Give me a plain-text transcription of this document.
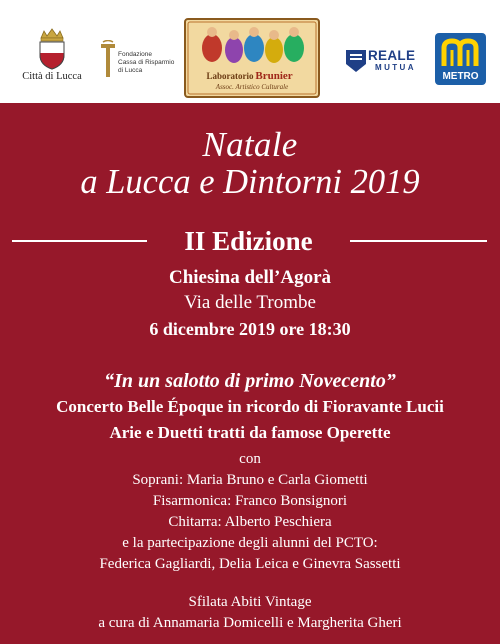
Città di Lucca
Fondazione
Cassa di Risparmio
di Lucca
Laboratorio Brunier
Assoc. Artistico Culturale
REALE
MUTUA
METRO
Natale
a Lucca e Dintorni 2019
II Edizione
Chiesina dell’Agorà
Via delle Trombe
6 dicembre 2019 ore 18:30
“In un salotto di primo Novecento”
Concerto Belle Époque in ricordo di Fioravante Lucii
Arie e Duetti tratti da famose Operette
con
Soprani: Maria Bruno e Carla Giometti
Fisarmonica: Franco Bonsignori
Chitarra: Alberto Peschiera
e la partecipazione degli alunni del PCTO:
Federica Gagliardi, Delia Leica e Ginevra Sassetti
Sfilata Abiti Vintage
a cura di Annamaria Domicelli e Margherita Gheri
